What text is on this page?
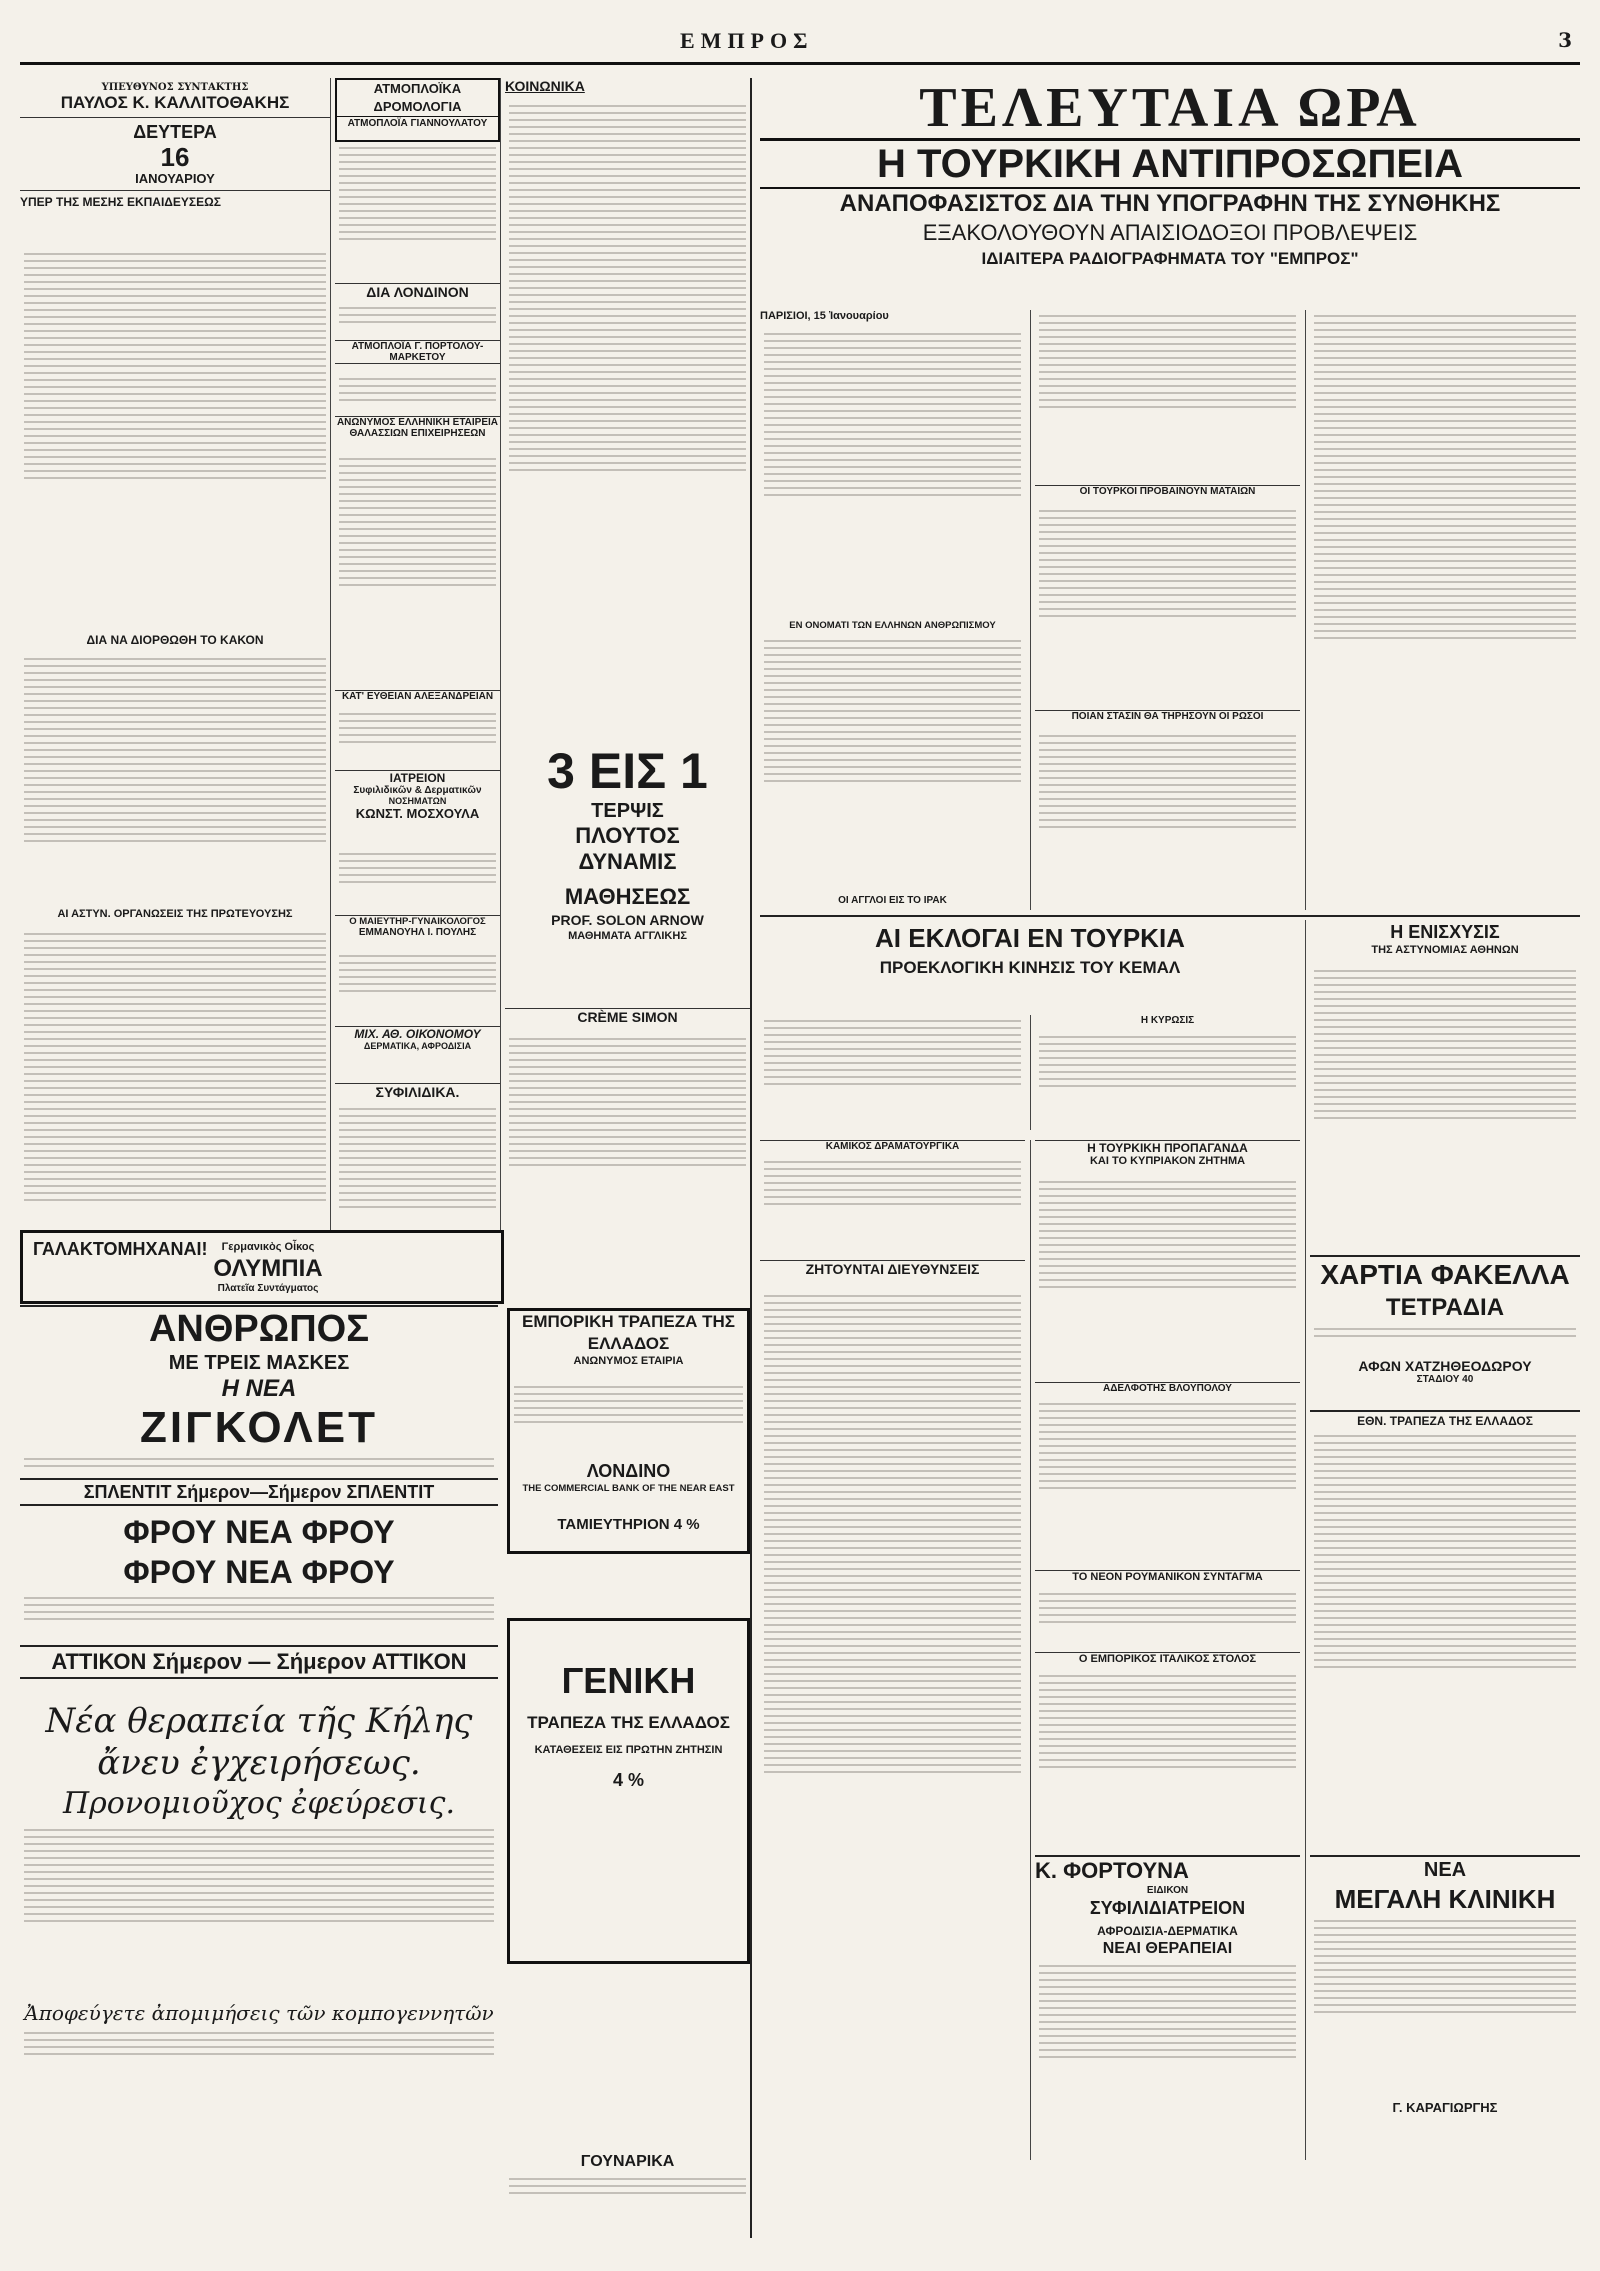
ΕΜΠΡΟΣ	3
ΥΠΕΥΘΥΝΟΣ ΣΥΝΤΑΚΤΗΣ
ΠΑΥΛΟΣ Κ. ΚΑΛΛΙΤΟΘΑΚΗΣ
ΔΕΥΤΕΡΑ
16
ΙΑΝΟΥΑΡΙΟΥ
ΥΠΕΡ ΤΗΣ ΜΕΣΗΣ ΕΚΠΑΙΔΕΥΣΕΩΣ
ΔΙΑ ΝΑ ΔΙΟΡΘΩΘΗ ΤΟ ΚΑΚΟΝ
ΑΙ ΑΣΤΥΝ. ΟΡΓΑΝΩΣΕΙΣ ΤΗΣ ΠΡΩΤΕΥΟΥΣΗΣ
ΑΤΜΟΠΛΟΪΚΑ ΔΡΟΜΟΛΟΓΙΑ
ΑΤΜΟΠΛΟΪΑ ΓΙΑΝΝΟΥΛΑΤΟΥ
ΔΙΑ ΛΟΝΔΙΝΟΝ
ΑΤΜΟΠΛΟΪΑ Γ. ΠΟΡΤΟΛΟΥ-ΜΑΡΚΕΤΟΥ
ΑΝΩΝΥΜΟΣ ΕΛΛΗΝΙΚΗ ΕΤΑΙΡΕΙΑ ΘΑΛΑΣΣΙΩΝ ΕΠΙΧΕΙΡΗΣΕΩΝ
ΚΑΤ' ΕΥΘΕΙΑΝ ΑΛΕΞΑΝΔΡΕΙΑΝ
ΙΑΤΡΕΙΟΝ
Συφιλιδικῶν & Δερματικῶν
ΝΟΣΗΜΑΤΩΝ
ΚΩΝΣΤ. ΜΟΣΧΟΥΛΑ
Ο ΜΑΙΕΥΤΗΡ-ΓΥΝΑΙΚΟΛΟΓΟΣ
ΕΜΜΑΝΟΥΗΛ Ι. ΠΟΥΛΗΣ
ΜΙΧ. ΑΘ. ΟΙΚΟΝΟΜΟΥ
ΔΕΡΜΑΤΙΚΑ, ΑΦΡΟΔΙΣΙΑ
ΣΥΦΙΛΙΔΙΚΑ.
ΓΑΛΑΚΤΟΜΗΧΑΝΑΙ!	Γερμανικὸς Οἶκος
ΟΛΥΜΠΙΑ
Πλατεῖα Συντάγματος
ΑΝΘΡΩΠΟΣ
ΜΕ ΤΡΕΙΣ ΜΑΣΚΕΣ
Η ΝΕΑ
ΖΙΓΚΟΛΕΤ
ΣΠΛΕΝΤΙΤ Σήμερον—Σήμερον ΣΠΛΕΝΤΙΤ
ΦΡΟΥ ΝΕΑ ΦΡΟΥ
ΦΡΟΥ ΝΕΑ ΦΡΟΥ
ΑΤΤΙΚΟΝ Σήμερον — Σήμερον ΑΤΤΙΚΟΝ
Νέα θεραπεία τῆς Κήλης
ἄνευ ἐγχειρήσεως.
Προνομιοῦχος ἐφεύρεσις.
Ἀποφεύγετε ἀπομιμήσεις τῶν κομπογεννητῶν
ΚΟΙΝΩΝΙΚΑ
3 ΕΙΣ 1
ΤΕΡΨΙΣ
ΠΛΟΥΤΟΣ
ΔΥΝΑΜΙΣ
ΜΑΘΗΣΕΩΣ
PROF. SOLON ARNOW
ΜΑΘΗΜΑΤΑ ΑΓΓΛΙΚΗΣ
CRÈME SIMON
ΕΜΠΟΡΙΚΗ ΤΡΑΠΕΖΑ ΤΗΣ ΕΛΛΑΔΟΣ
ΑΝΩΝΥΜΟΣ ΕΤΑΙΡΙΑ
ΛΟΝΔΙΝΟ
THE COMMERCIAL BANK OF THE NEAR EAST
ΤΑΜΙΕΥΤΗΡΙΟΝ 4 %
ΓΕΝΙΚΗ
ΤΡΑΠΕΖΑ ΤΗΣ ΕΛΛΑΔΟΣ
ΚΑΤΑΘΕΣΕΙΣ ΕΙΣ ΠΡΩΤΗΝ ΖΗΤΗΣΙΝ
4 %
ΓΟΥΝΑΡΙΚΑ
ΤΕΛΕΥΤΑΙΑ ΩΡΑ
Η ΤΟΥΡΚΙΚΗ ΑΝΤΙΠΡΟΣΩΠΕΙΑ
ΑΝΑΠΟΦΑΣΙΣΤΟΣ ΔΙΑ ΤΗΝ ΥΠΟΓΡΑΦΗΝ ΤΗΣ ΣΥΝΘΗΚΗΣ
ΕΞΑΚΟΛΟΥΘΟΥΝ ΑΠΑΙΣΙΟΔΟΞΟΙ ΠΡΟΒΛΕΨΕΙΣ
ΙΔΙΑΙΤΕΡΑ ΡΑΔΙΟΓΡΑΦΗΜΑΤΑ ΤΟΥ "ΕΜΠΡΟΣ"
ΠΑΡΙΣΙΟΙ, 15 Ἰανουαρίου
ΕΝ ΟΝΟΜΑΤΙ ΤΩΝ ΕΛΛΗΝΩΝ ΑΝΘΡΩΠΙΣΜΟΥ
ΟΙ ΑΓΓΛΟΙ ΕΙΣ ΤΟ ΙΡΑΚ
ΟΙ ΤΟΥΡΚΟΙ ΠΡΟΒΑΙΝΟΥΝ ΜΑΤΑΙΩΝ
ΠΟΙΑΝ ΣΤΑΣΙΝ ΘΑ ΤΗΡΗΣΟΥΝ ΟΙ ΡΩΣΟΙ
ΑΙ ΕΚΛΟΓΑΙ ΕΝ ΤΟΥΡΚΙΑ
ΠΡΟΕΚΛΟΓΙΚΗ ΚΙΝΗΣΙΣ ΤΟΥ ΚΕΜΑΛ
Η ΚΥΡΩΣΙΣ
ΚΑΜΙΚΟΣ ΔΡΑΜΑΤΟΥΡΓΙΚΑ
ΖΗΤΟΥΝΤΑΙ ΔΙΕΥΘΥΝΣΕΙΣ
Η ΤΟΥΡΚΙΚΗ ΠΡΟΠΑΓΑΝΔΑ
ΚΑΙ ΤΟ ΚΥΠΡΙΑΚΟΝ ΖΗΤΗΜΑ
ΑΔΕΛΦΟΤΗΣ ΒΛΟΥΠΟΛΟΥ
ΤΟ ΝΕΟΝ ΡΟΥΜΑΝΙΚΟΝ ΣΥΝΤΑΓΜΑ
Ο ΕΜΠΟΡΙΚΟΣ ΙΤΑΛΙΚΟΣ ΣΤΟΛΟΣ
Κ. ΦΟΡΤΟΥΝΑ
ΕΙΔΙΚΟΝ
ΣΥΦΙΛΙΔΙΑΤΡΕΙΟΝ
ΑΦΡΟΔΙΣΙΑ-ΔΕΡΜΑΤΙΚΑ
ΝΕΑΙ ΘΕΡΑΠΕΙΑΙ
Η ΕΝΙΣΧΥΣΙΣ
ΤΗΣ ΑΣΤΥΝΟΜΙΑΣ ΑΘΗΝΩΝ
ΧΑΡΤΙΑ ΦΑΚΕΛΛΑ
ΤΕΤΡΑΔΙΑ
ΑΦΩΝ ΧΑΤΖΗΘΕΟΔΩΡΟΥ
ΣΤΑΔΙΟΥ 40
ΕΘΝ. ΤΡΑΠΕΖΑ ΤΗΣ ΕΛΛΑΔΟΣ
ΝΕΑ
ΜΕΓΑΛΗ ΚΛΙΝΙΚΗ
Γ. ΚΑΡΑΓΙΩΡΓΗΣ
